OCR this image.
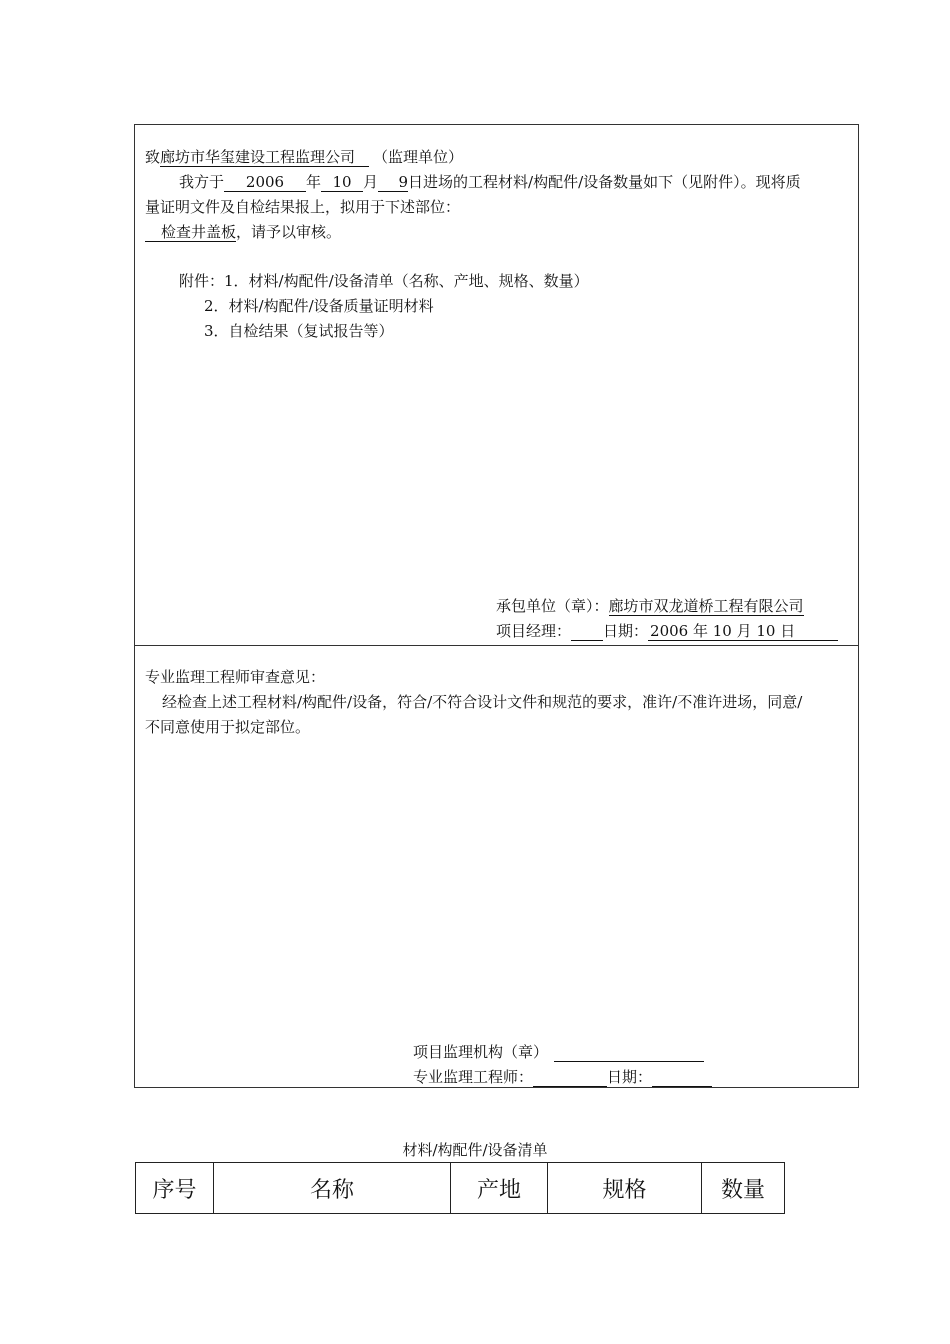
致廊坊市华玺建设工程监理公司 （监理单位）
我方于 2006 年 10 月 9日进场的工程材料/构配件/设备数量如下（见附件）。现将质
量证明文件及自检结果报上，拟用于下述部位：
检查井盖板，请予以审核。
附件：1．材料/构配件/设备清单（名称、产地、规格、数量）
2．材料/构配件/设备质量证明材料
3．自检结果（复试报告等）
承包单位（章）：廊坊市双龙道桥工程有限公司
项目经理： 日期： 2006 年 10 月 10 日
专业监理工程师审查意见：
经检查上述工程材料/构配件/设备，符合/不符合设计文件和规范的要求，准许/不准许进场，同意/
不同意使用于拟定部位。
项目监理机构（章）
专业监理工程师：	日期：
材料/构配件/设备清单
序号	名称	产地	规格	数量
